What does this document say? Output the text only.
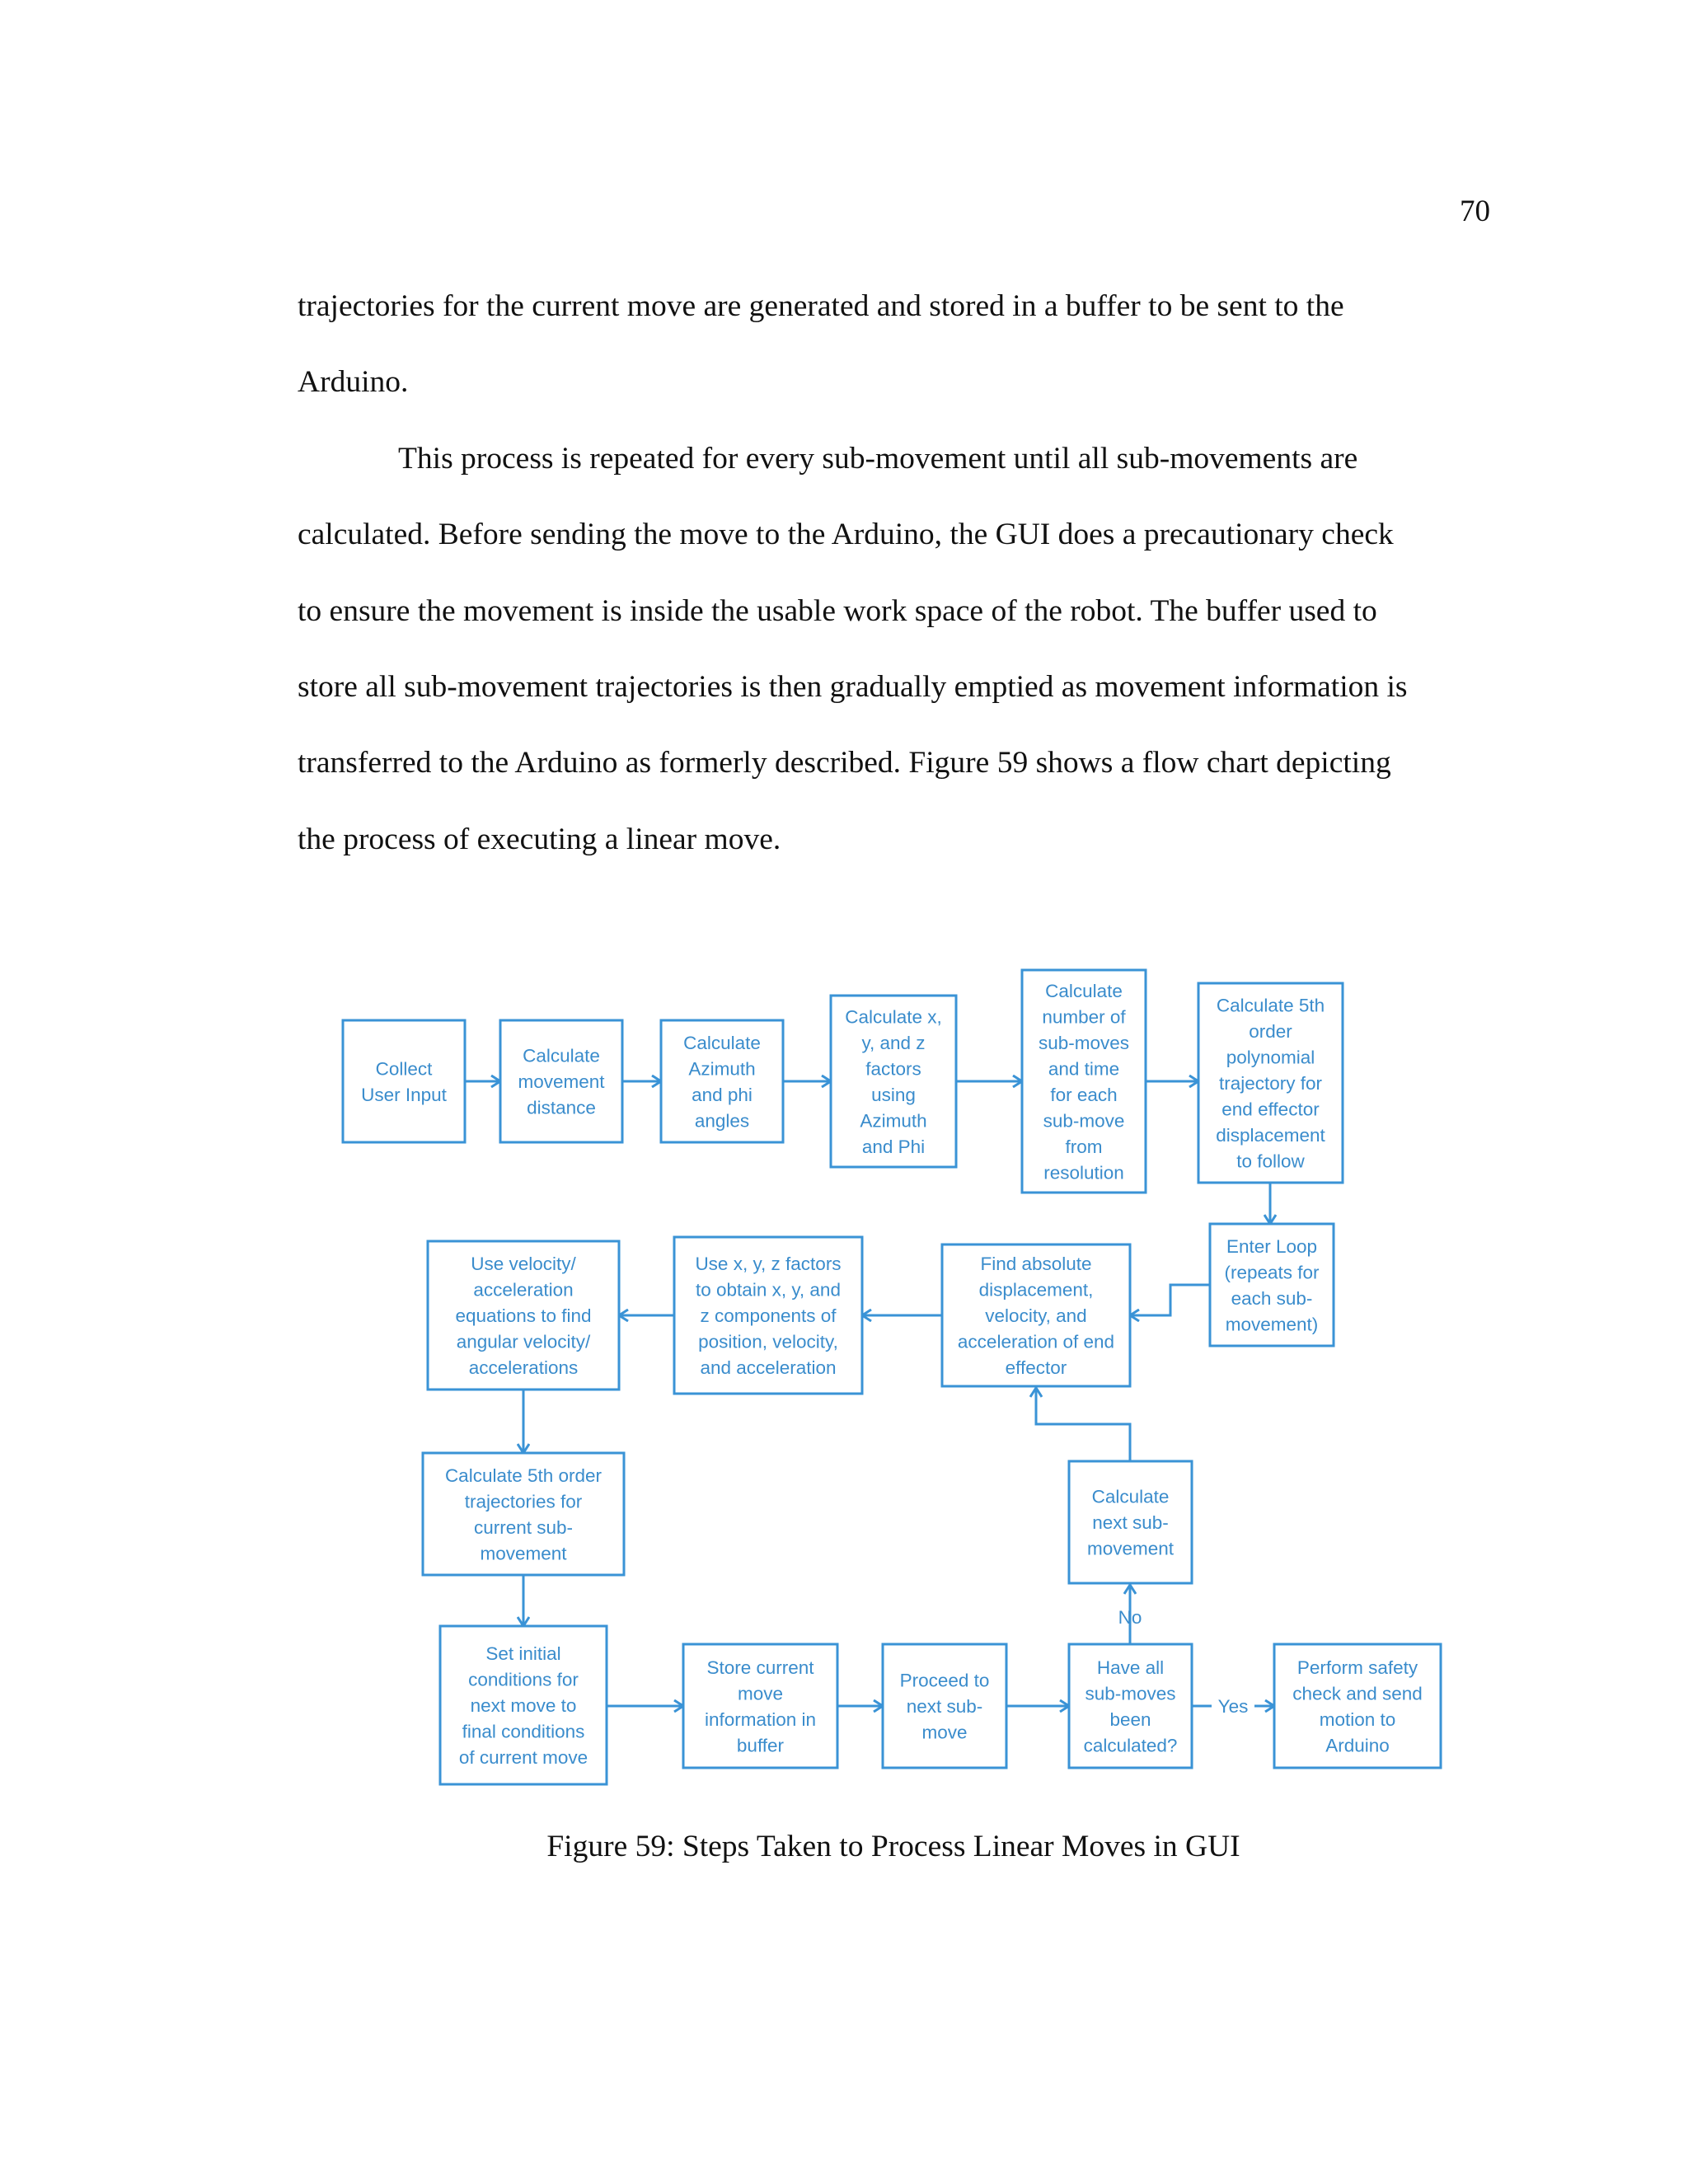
70

trajectories for the current move are generated and stored in a buffer to be sent to the

Arduino.

This process is repeated for every sub-movement until all sub-movements are

calculated. Before sending the move to the Arduino, the GUI does a precautionary check

to ensure the movement is inside the usable work space of the robot. The buffer used to

store all sub-movement trajectories is then gradually emptied as movement information is

transferred to the Arduino as formerly described. Figure 59 shows a flow chart depicting

the process of executing a linear move.

Collect
User Input
Calculate
movement
distance
Calculate
Azimuth
and phi
angles
Calculate x,
y, and z
factors
using
Azimuth
and Phi
Calculate
number of
sub-moves
and time
for each
sub-move
from
resolution
Calculate 5th
order
polynomial
trajectory for
end effector
displacement
to follow
Enter Loop
(repeats for
each sub-
movement)
Find absolute
displacement,
velocity, and
acceleration of end
effector
Use x, y, z factors
to obtain x, y, and
z components of
position, velocity,
and acceleration
Use velocity/
acceleration
equations to find
angular velocity/
accelerations
Calculate 5th order
trajectories for
current sub-
movement
Set initial
conditions for
next move to
final conditions
of current move
Store current
move
information in
buffer
Proceed to
next sub-
move
Have all
sub-moves
been
calculated?
Perform safety
check and send
motion to
Arduino
Calculate
next sub-
movement
No
Yes
Figure 59: Steps Taken to Process Linear Moves in GUI
